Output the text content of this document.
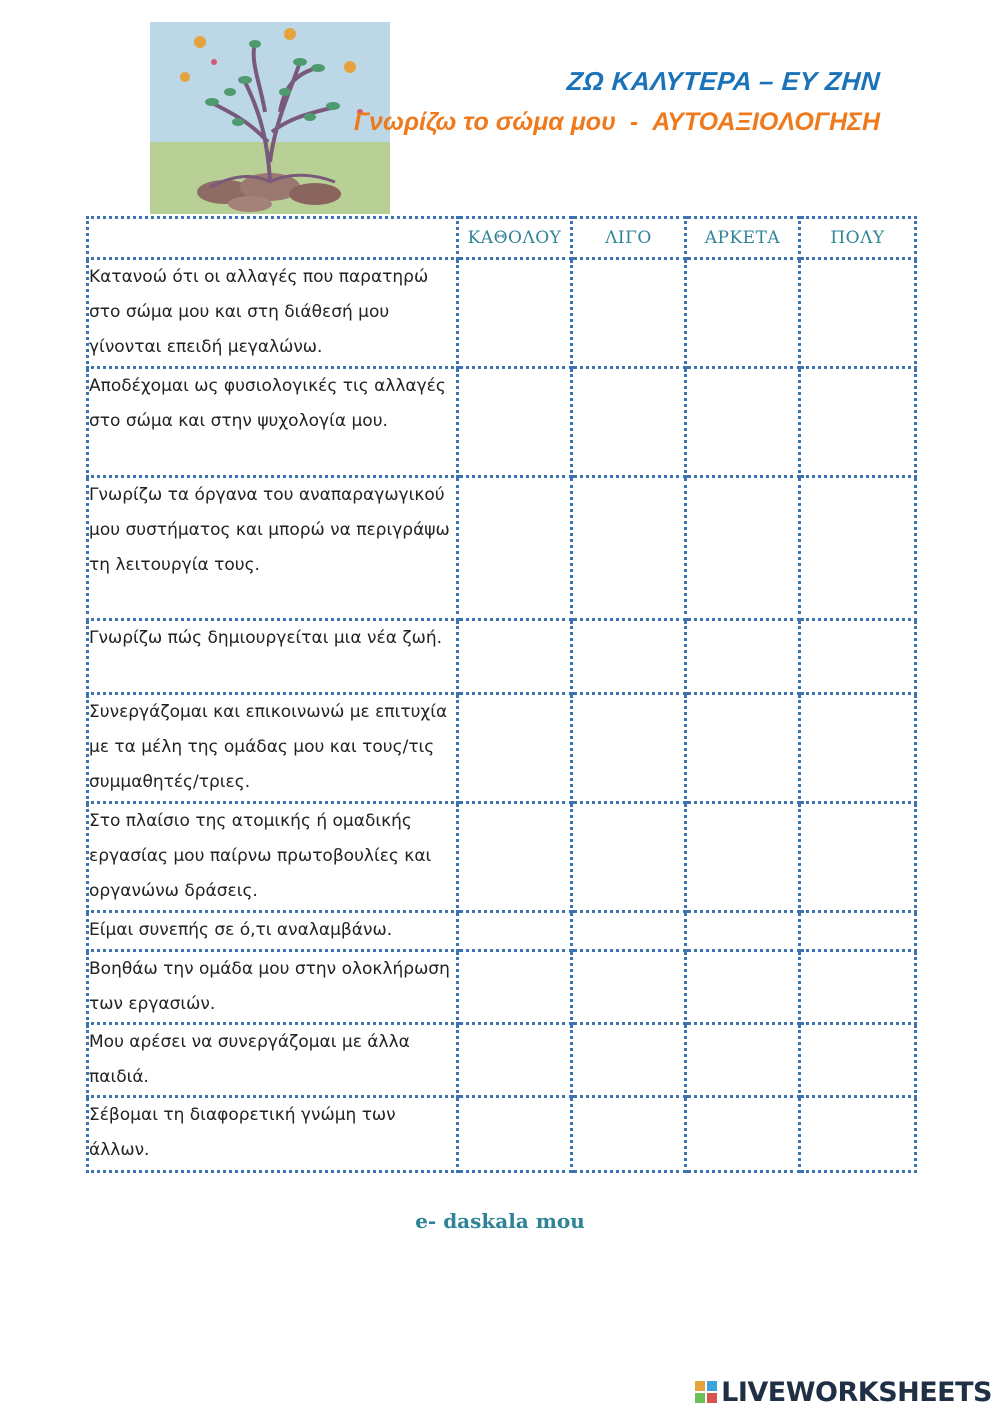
ΖΩ ΚΑΛΥΤΕΡΑ – ΕΥ ΖΗΝ
Γνωρίζω το σώμα μου - ΑΥΤΟΑΞΙΟΛΟΓΗΣΗ
	ΚΑΘΟΛΟΥ	ΛΙΓΟ	ΑΡΚΕΤΑ	ΠΟΛΥ
Κατανοώ ότι οι αλλαγές που παρατηρώ στο σώμα μου και στη διάθεσή μου γίνονται επειδή μεγαλώνω.				
Αποδέχομαι ως φυσιολογικές τις αλλαγές στο σώμα και στην ψυχολογία μου.				
Γνωρίζω τα όργανα του αναπαραγωγικού μου συστήματος και μπορώ να περιγράψω τη λειτουργία τους.				
Γνωρίζω πώς δημιουργείται μια νέα ζωή.				
Συνεργάζομαι και επικοινωνώ με επιτυχία με τα μέλη της ομάδας μου και τους/τις συμμαθητές/τριες.				
Στο πλαίσιο της ατομικής ή ομαδικής εργασίας μου παίρνω πρωτοβουλίες και οργανώνω δράσεις.				
Είμαι συνεπής σε ό,τι αναλαμβάνω.				
Βοηθάω την ομάδα μου στην ολοκλήρωση των εργασιών.				
Μου αρέσει να συνεργάζομαι με άλλα παιδιά.				
Σέβομαι τη διαφορετική γνώμη των άλλων.				
e- daskala mou
LIVEWORKSHEETS
